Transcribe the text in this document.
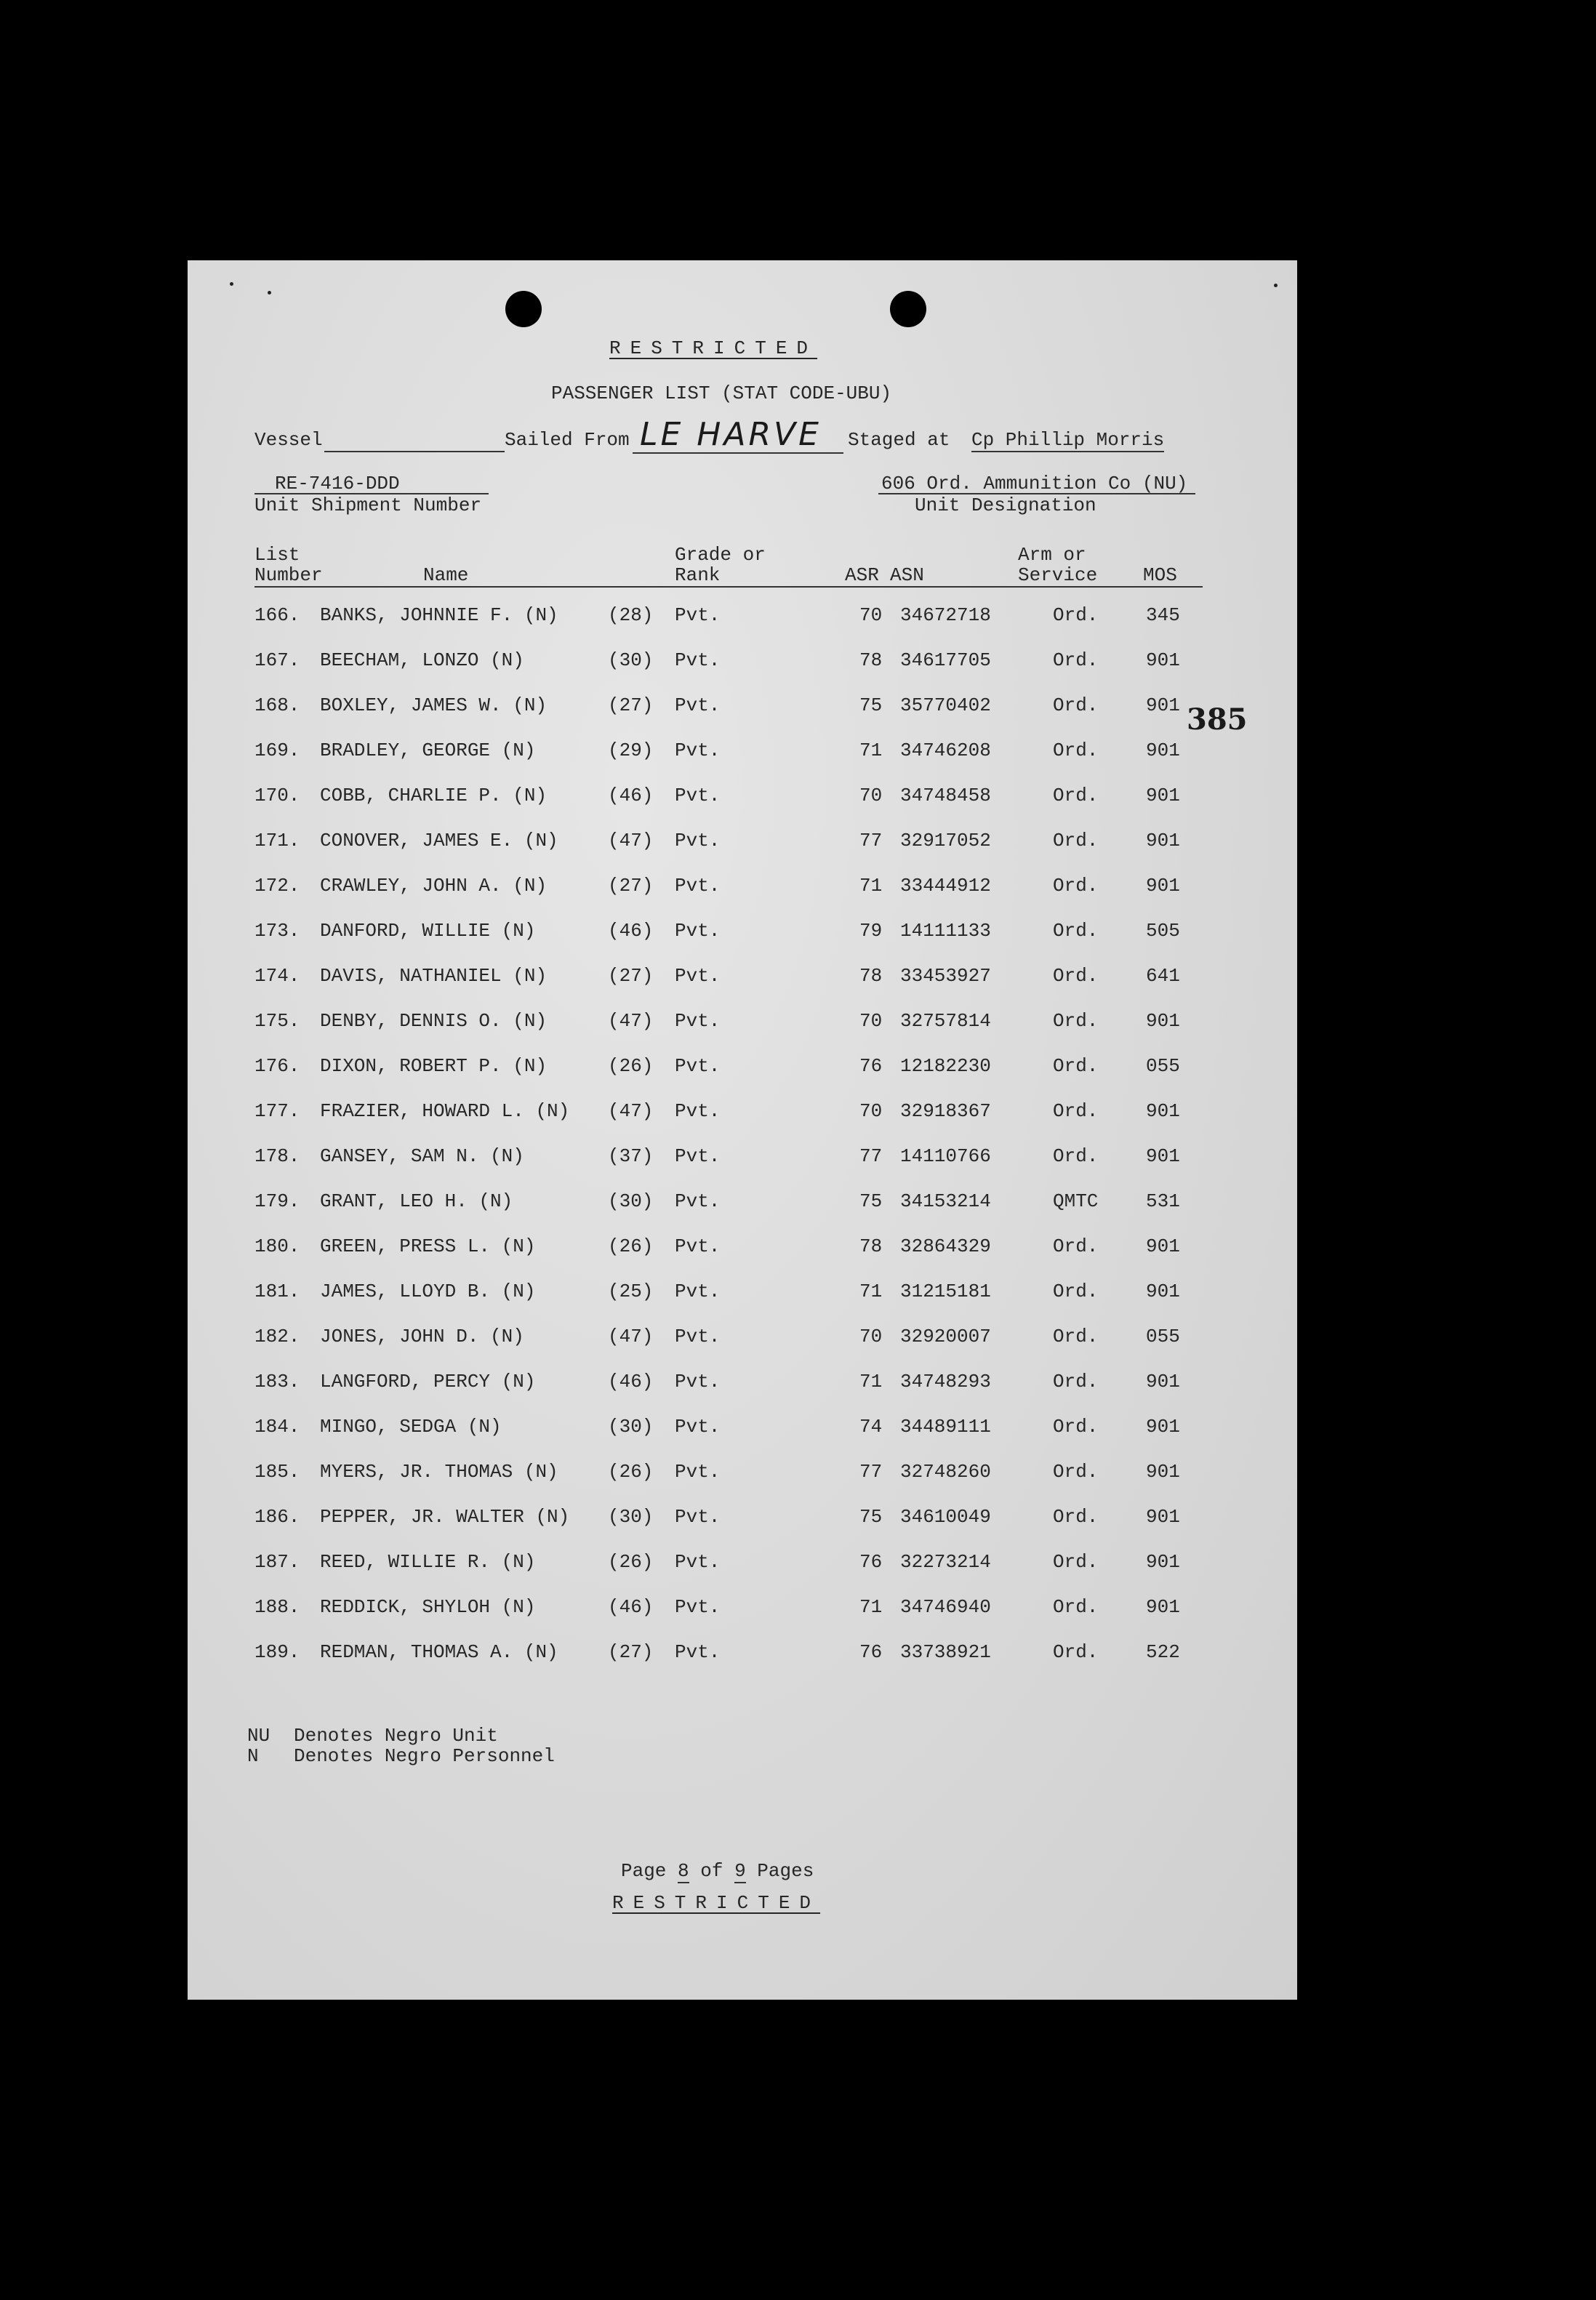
RESTRICTED
PASSENGER LIST (STAT CODE-UBU)
Vessel	Sailed From LE HARVE	Staged at Cp Phillip Morris
RE-7416-DDD
Unit Shipment Number
606 Ord. Ammunition Co (NU)
Unit Designation
List
Number	Name
Grade or
Rank	ASR ASN
Arm or
Service MOS
166. BANKS, JOHNNIE F. (N)	(28) Pvt.	70 34672718	Ord.	345
167. BEECHAM, LONZO (N)	(30) Pvt.	78 34617705	Ord.	901
168. BOXLEY, JAMES W. (N)	(27) Pvt.	75 35770402	Ord.	901
169. BRADLEY, GEORGE (N)	(29) Pvt.	71 34746208	Ord.	901
170. COBB, CHARLIE P. (N)	(46) Pvt.	70 34748458	Ord.	901
171. CONOVER, JAMES E. (N)	(47) Pvt.	77 32917052	Ord.	901
172. CRAWLEY, JOHN A. (N)	(27) Pvt.	71 33444912	Ord.	901
173. DANFORD, WILLIE (N)	(46) Pvt.	79 14111133	Ord.	505
174. DAVIS, NATHANIEL (N)	(27) Pvt.	78 33453927	Ord.	641
175. DENBY, DENNIS O. (N)	(47) Pvt.	70 32757814	Ord.	901
176. DIXON, ROBERT P. (N)	(26) Pvt.	76 12182230	Ord.	055
177. FRAZIER, HOWARD L. (N) (47) Pvt.	70 32918367	Ord.	901
178. GANSEY, SAM N. (N)	(37) Pvt.	77 14110766	Ord.	901
179. GRANT, LEO H. (N)	(30) Pvt.	75 34153214	QMTC	531
180. GREEN, PRESS L. (N)	(26) Pvt.	78 32864329	Ord.	901
181. JAMES, LLOYD B. (N)	(25) Pvt.	71 31215181	Ord.	901
182. JONES, JOHN D. (N)	(47) Pvt.	70 32920007	Ord.	055
183. LANGFORD, PERCY (N)	(46) Pvt.	71 34748293	Ord.	901
184. MINGO, SEDGA (N)	(30) Pvt.	74 34489111	Ord.	901
185. MYERS, JR. THOMAS (N)	(26) Pvt.	77 32748260	Ord.	901
186. PEPPER, JR. WALTER (N) (30) Pvt.	75 34610049	Ord.	901
187. REED, WILLIE R. (N)	(26) Pvt.	76 32273214	Ord.	901
188. REDDICK, SHYLOH (N)	(46) Pvt.	71 34746940	Ord.	901
189. REDMAN, THOMAS A. (N)	(27) Pvt.	76 33738921	Ord.	522
385
NU Denotes Negro Unit
N Denotes Negro Personnel
Page 8 of 9 Pages
RESTRICTED
